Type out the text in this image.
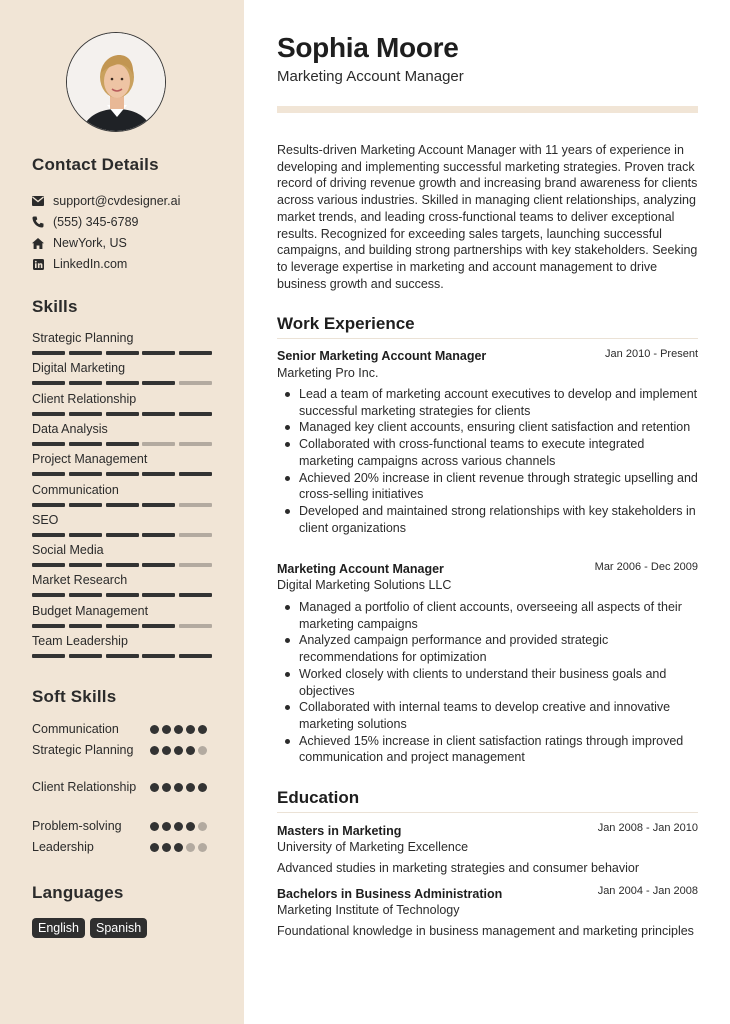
Contact Details
support@cvdesigner.ai
(555) 345-6789
NewYork, US
LinkedIn.com
Skills
Strategic Planning
Digital Marketing
Client Relationship
Data Analysis
Project Management
Communication
SEO
Social Media
Market Research
Budget Management
Team Leadership
Soft Skills
Communication
Strategic Planning
Client Relationship
Problem-solving
Leadership
Languages
English	Spanish
Sophia Moore
Marketing Account Manager

Results-driven Marketing Account Manager with 11 years of experience in developing and implementing successful marketing strategies. Proven track record of driving revenue growth and increasing brand awareness for clients across various industries. Skilled in managing client relationships, analyzing market trends, and leading cross-functional teams to deliver exceptional results. Recognized for exceeding sales targets, launching successful campaigns, and building strong partnerships with key stakeholders. Seeking to leverage expertise in marketing and account management to drive business growth and success.

Work Experience
Senior Marketing Account Manager	Jan 2010 - Present
Marketing Pro Inc.
Lead a team of marketing account executives to develop and implement successful marketing strategies for clients
Managed key client accounts, ensuring client satisfaction and retention
Collaborated with cross-functional teams to execute integrated marketing campaigns across various channels
Achieved 20% increase in client revenue through strategic upselling and cross-selling initiatives
Developed and maintained strong relationships with key stakeholders in client organizations
Marketing Account Manager	Mar 2006 - Dec 2009
Digital Marketing Solutions LLC
Managed a portfolio of client accounts, overseeing all aspects of their marketing campaigns
Analyzed campaign performance and provided strategic recommendations for optimization
Worked closely with clients to understand their business goals and objectives
Collaborated with internal teams to develop creative and innovative marketing solutions
Achieved 15% increase in client satisfaction ratings through improved communication and project management
Education
Masters in Marketing	Jan 2008 - Jan 2010
University of Marketing Excellence
Advanced studies in marketing strategies and consumer behavior
Bachelors in Business Administration	Jan 2004 - Jan 2008
Marketing Institute of Technology
Foundational knowledge in business management and marketing principles
